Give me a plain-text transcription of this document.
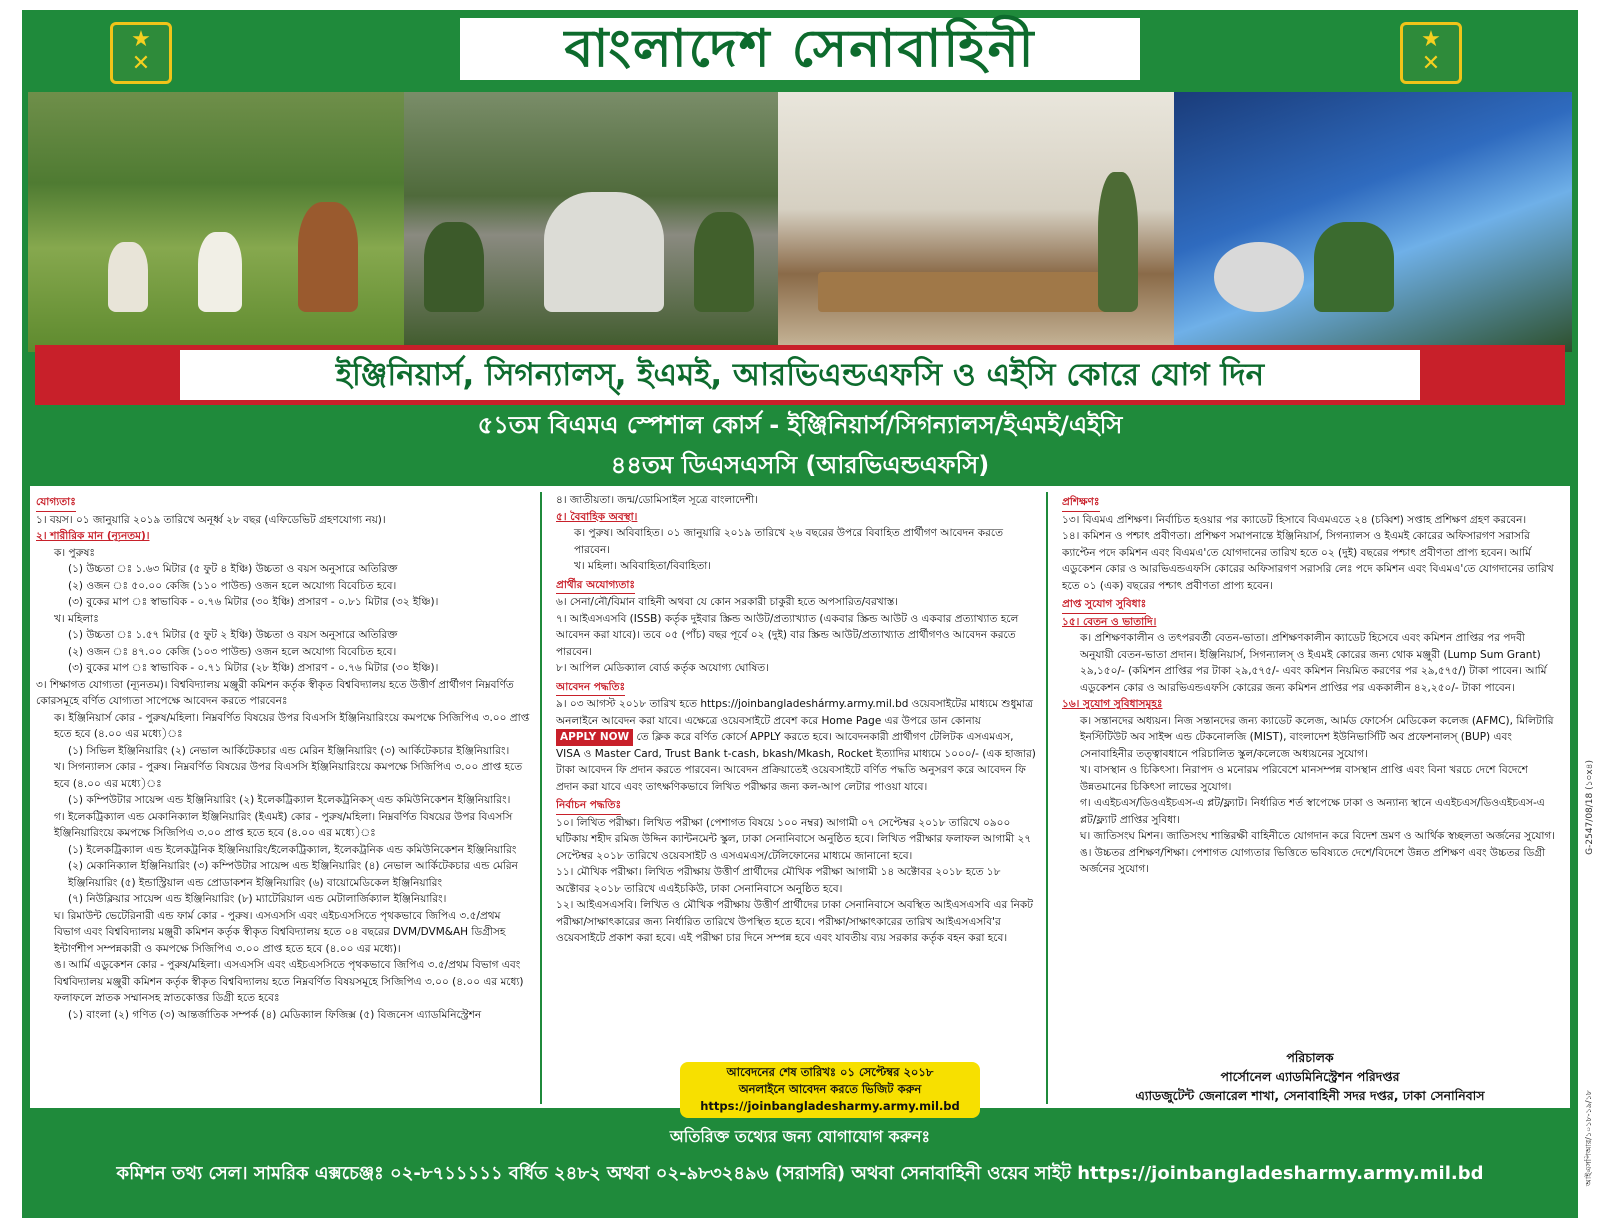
★
✕
★
✕
বাংলাদেশ সেনাবাহিনী
ইঞ্জিনিয়ার্স, সিগন্যালস্, ইএমই, আরভিএন্ডএফসি ও এইসি কোরে যোগ দিন
৫১তম বিএমএ স্পেশাল কোর্স - ইঞ্জিনিয়ার্স/সিগন্যালস/ইএমই/এইসি
৪৪তম ডিএসএসসি (আরভিএন্ডএফসি)
যোগ্যতাঃ
১। বয়স। ০১ জানুয়ারি ২০১৯ তারিখে অনূর্ধ্ব ২৮ বছর (এফিডেভিট গ্রহণযোগ্য নয়)।
২। শারীরিক মান (ন্যূনতম)।
ক। পুরুষঃ
(১) উচ্চতা ঃ ১.৬৩ মিটার (৫ ফুট ৪ ইঞ্চি) উচ্চতা ও বয়স অনুসারে অতিরিক্ত
(২) ওজন ঃ ৫০.০০ কেজি (১১০ পাউন্ড) ওজন হলে অযোগ্য বিবেচিত হবে।
(৩) বুকের মাপ ঃ স্বাভাবিক - ০.৭৬ মিটার (৩০ ইঞ্চি) প্রসারণ - ০.৮১ মিটার (৩২ ইঞ্চি)।
খ। মহিলাঃ
(১) উচ্চতা ঃ ১.৫৭ মিটার (৫ ফুট ২ ইঞ্চি) উচ্চতা ও বয়স অনুসারে অতিরিক্ত
(২) ওজন ঃ ৪৭.০০ কেজি (১০৩ পাউন্ড) ওজন হলে অযোগ্য বিবেচিত হবে।
(৩) বুকের মাপ ঃ স্বাভাবিক - ০.৭১ মিটার (২৮ ইঞ্চি) প্রসারণ - ০.৭৬ মিটার (৩০ ইঞ্চি)।
৩। শিক্ষাগত যোগ্যতা (ন্যূনতম)। বিশ্ববিদ্যালয় মঞ্জুরী কমিশন কর্তৃক স্বীকৃত বিশ্ববিদ্যালয় হতে উত্তীর্ণ প্রার্থীগণ নিম্নবর্ণিত কোরসমূহে বর্ণিত যোগ্যতা সাপেক্ষে আবেদন করতে পারবেনঃ
ক। ইঞ্জিনিয়ার্স কোর - পুরুষ/মহিলা। নিম্নবর্ণিত বিষয়ের উপর বিএসসি ইঞ্জিনিয়ারিংয়ে কমপক্ষে সিজিপিএ ৩.০০ প্রাপ্ত হতে হবে (৪.০০ এর মধ্যে)ঃ
(১) সিভিল ইঞ্জিনিয়ারিং (২) নেভাল আর্কিটেকচার এন্ড মেরিন ইঞ্জিনিয়ারিং (৩) আর্কিটেকচার ইঞ্জিনিয়ারিং।
খ। সিগন্যালস কোর - পুরুষ। নিম্নবর্ণিত বিষয়ের উপর বিএসসি ইঞ্জিনিয়ারিংয়ে কমপক্ষে সিজিপিএ ৩.০০ প্রাপ্ত হতে হবে (৪.০০ এর মধ্যে)ঃ
(১) কম্পিউটার সায়েন্স এন্ড ইঞ্জিনিয়ারিং (২) ইলেকট্রিক্যাল ইলেকট্রনিকস্‌ এন্ড কমিউনিকেশন ইঞ্জিনিয়ারিং।
গ। ইলেকট্রিক্যাল এন্ড মেকানিক্যাল ইঞ্জিনিয়ারিং (ইএমই) কোর - পুরুষ/মহিলা। নিম্নবর্ণিত বিষয়ের উপর বিএসসি ইঞ্জিনিয়ারিংয়ে কমপক্ষে সিজিপিএ ৩.০০ প্রাপ্ত হতে হবে (৪.০০ এর মধ্যে)ঃ
(১) ইলেকট্রিক্যাল এন্ড ইলেকট্রনিক ইঞ্জিনিয়ারিং/ইলেকট্রিক্যাল, ইলেকট্রনিক এন্ড কমিউনিকেশন ইঞ্জিনিয়ারিং
(২) মেকানিক্যাল ইঞ্জিনিয়ারিং (৩) কম্পিউটার সায়েন্স এন্ড ইঞ্জিনিয়ারিং (৪) নেভাল আর্কিটেকচার এন্ড মেরিন ইঞ্জিনিয়ারিং (৫) ইন্ডাস্ট্রিয়াল এন্ড প্রোডাকশন ইঞ্জিনিয়ারিং (৬) বায়োমেডিকেল ইঞ্জিনিয়ারিং
(৭) নিউক্লিয়ার সায়েন্স এন্ড ইঞ্জিনিয়ারিং (৮) ম্যাটেরিয়াল এন্ড মেটালার্জিক্যাল ইঞ্জিনিয়ারিং।
ঘ। রিমাউন্ট ভেটেরিনারী এন্ড ফার্ম কোর - পুরুষ। এসএসসি এবং এইচএসসিতে পৃথকভাবে জিপিএ ৩.৫/প্রথম বিভাগ এবং বিশ্ববিদ্যালয় মঞ্জুরী কমিশন কর্তৃক স্বীকৃত বিশ্ববিদ্যালয় হতে ০৪ বছরের DVM/DVM&AH ডিগ্রীসহ ইন্টার্ণশীপ সম্পন্নকারী ও কমপক্ষে সিজিপিএ ৩.০০ প্রাপ্ত হতে হবে (৪.০০ এর মধ্যে)।
ঙ। আর্মি এডুকেশন কোর - পুরুষ/মহিলা। এসএসসি এবং এইচএসসিতে পৃথকভাবে জিপিএ ৩.৫/প্রথম বিভাগ এবং বিশ্ববিদ্যালয় মঞ্জুরী কমিশন কর্তৃক স্বীকৃত বিশ্ববিদ্যালয় হতে নিম্নবর্ণিত বিষয়সমূহে সিজিপিএ ৩.০০ (৪.০০ এর মধ্যে) ফলাফলে স্নাতক সম্মানসহ স্নাতকোত্তর ডিগ্রী হতে হবেঃ
(১) বাংলা (২) গণিত (৩) আন্তর্জাতিক সম্পর্ক (৪) মেডিক্যাল ফিজিক্স (৫) বিজনেস এ্যাডমিনিস্ট্রেশন
৪। জাতীয়তা। জন্ম/ডোমিসাইল সূত্রে বাংলাদেশী।
৫। বৈবাহিক অবস্থা।
ক। পুরুষ। অবিবাহিত। ০১ জানুয়ারি ২০১৯ তারিখে ২৬ বছরের উপরে বিবাহিত প্রার্থীগণ আবেদন করতে পারবেন।
খ। মহিলা। অবিবাহিতা/বিবাহিতা।
প্রার্থীর অযোগ্যতাঃ
৬। সেনা/নৌ/বিমান বাহিনী অথবা যে কোন সরকারী চাকুরী হতে অপসারিত/বরখাস্ত।
৭। আইএসএসবি (ISSB) কর্তৃক দুইবার স্ক্রিন্ড আউট/প্রত্যাখ্যাত (একবার স্ক্রিন্ড আউট ও একবার প্রত্যাখ্যাত হলে আবেদন করা যাবে)। তবে ০৫ (পাঁচ) বছর পূর্বে ০২ (দুই) বার স্ক্রিন্ড আউট/প্রত্যাখ্যাত প্রার্থীগণও আবেদন করতে পারবেন।
৮। আপিল মেডিক্যাল বোর্ড কর্তৃক অযোগ্য ঘোষিত।
আবেদন পদ্ধতিঃ
৯। ০৩ আগস্ট ২০১৮ তারিখ হতে https://joinbangladeshármy.army.mil.bd ওয়েবসাইটের মাধ্যমে শুধুমাত্র অনলাইনে আবেদন করা যাবে। এক্ষেত্রে ওয়েবসাইটে প্রবেশ করে Home Page এর উপরে ডান কোনায় APPLY NOW তে ক্লিক করে বর্ণিত কোর্সে APPLY করতে হবে। আবেদনকারী প্রার্থীগণ টেলিটক এসএমএস, VISA ও Master Card, Trust Bank t-cash, bkash/Mkash, Rocket ইত্যাদির মাধ্যমে ১০০০/- (এক হাজার) টাকা আবেদন ফি প্রদান করতে পারবেন। আবেদন প্রক্রিয়াতেই ওয়েবসাইটে বর্ণিত পদ্ধতি অনুসরণ করে আবেদন ফি প্রদান করা যাবে এবং তাৎক্ষণিকভাবে লিখিত পরীক্ষার জন্য কল-আপ লেটার পাওয়া যাবে।
নির্বাচন পদ্ধতিঃ
১০। লিখিত পরীক্ষা। লিখিত পরীক্ষা (পেশাগত বিষয়ে ১০০ নম্বর) আগামী ০৭ সেপ্টেম্বর ২০১৮ তারিখে ০৯০০ ঘটিকায় শহীদ রমিজ উদ্দিন ক্যান্টনমেন্ট স্কুল, ঢাকা সেনানিবাসে অনুষ্ঠিত হবে। লিখিত পরীক্ষার ফলাফল আগামী ২৭ সেপ্টেম্বর ২০১৮ তারিখে ওয়েবসাইট ও এসএমএস/টেলিফোনের মাধ্যমে জানানো হবে।
১১। মৌখিক পরীক্ষা। লিখিত পরীক্ষায় উত্তীর্ণ প্রার্থীদের মৌখিক পরীক্ষা আগামী ১৪ অক্টোবর ২০১৮ হতে ১৮ অক্টোবর ২০১৮ তারিখে এএইচকিউ, ঢাকা সেনানিবাসে অনুষ্ঠিত হবে।
১২। আইএসএসবি। লিখিত ও মৌখিক পরীক্ষায় উত্তীর্ণ প্রার্থীদের ঢাকা সেনানিবাসে অবস্থিত আইএসএসবি এর নিকট পরীক্ষা/সাক্ষাৎকারের জন্য নির্ধারিত তারিখে উপস্থিত হতে হবে। পরীক্ষা/সাক্ষাৎকারের তারিখ আইএসএসবি'র ওয়েবসাইটে প্রকাশ করা হবে। এই পরীক্ষা চার দিনে সম্পন্ন হবে এবং যাবতীয় ব্যয় সরকার কর্তৃক বহন করা হবে।
আবেদনের শেষ তারিখঃ ০১ সেপ্টেম্বর ২০১৮
অনলাইনে আবেদন করতে ভিজিট করুন
https://joinbangladesharmy.army.mil.bd
প্রশিক্ষণঃ
১৩। বিএমএ প্রশিক্ষণ। নির্বাচিত হওয়ার পর ক্যাডেট হিসাবে বিএমএতে ২৪ (চব্বিশ) সপ্তাহ প্রশিক্ষণ গ্রহণ করবেন।
১৪। কমিশন ও পশ্চাৎ প্রবীণতা। প্রশিক্ষণ সমাপনান্তে ইঞ্জিনিয়ার্স, সিগন্যালস ও ইএমই কোরের অফিসারগণ সরাসরি ক্যাপ্টেন পদে কমিশন এবং বিএমএ'তে যোগদানের তারিখ হতে ০২ (দুই) বছরের পশ্চাৎ প্রবীণতা প্রাপ্য হবেন। আর্মি এডুকেশন কোর ও আরভিএন্ডএফসি কোরের অফিসারগণ সরাসরি লেঃ পদে কমিশন এবং বিএমএ'তে যোগদানের তারিখ হতে ০১ (এক) বছরের পশ্চাৎ প্রবীণতা প্রাপ্য হবেন।
প্রাপ্ত সুযোগ সুবিধাঃ
১৫। বেতন ও ভাতাদি।
ক। প্রশিক্ষণকালীন ও তৎপরবর্তী বেতন-ভাতা। প্রশিক্ষণকালীন ক্যাডেট হিসেবে এবং কমিশন প্রাপ্তির পর পদবী অনুযায়ী বেতন-ভাতা প্রদান। ইঞ্জিনিয়ার্স, সিগন্যালস্‌ ও ইএমই কোরের জন্য থোক মঞ্জুরী (Lump Sum Grant) ২৯,১৫০/- (কমিশন প্রাপ্তির পর টাকা ২৯,৫৭৫/- এবং কমিশন নিয়মিত করণের পর ২৯,৫৭৫/) টাকা পাবেন। আর্মি এডুকেশন কোর ও আরভিএন্ডএফসি কোরের জন্য কমিশন প্রাপ্তির পর এককালীন ৪২,২৫০/- টাকা পাবেন।
১৬। সুযোগ সুবিধাসমূহঃ
ক। সন্তানদের অধ্যয়ন। নিজ সন্তানদের জন্য ক্যাডেট কলেজ, আর্মড ফোর্সেস মেডিকেল কলেজ (AFMC), মিলিটারি ইনস্টিটিউট অব সাইন্স এন্ড টেকনোলজি (MIST), বাংলাদেশ ইউনিভার্সিটি অব প্রফেশনালস্‌ (BUP) এবং সেনাবাহিনীর তত্ত্বাবধানে পরিচালিত স্কুল/কলেজে অধ্যয়নের সুযোগ।
খ। বাসস্থান ও চিকিৎসা। নিরাপদ ও মনোরম পরিবেশে মানসম্পন্ন বাসস্থান প্রাপ্তি এবং বিনা খরচে দেশে বিদেশে উন্নতমানের চিকিৎসা লাভের সুযোগ।
গ। এএইচএস/ডিওএইচএস-এ প্লট/ফ্ল্যাট। নির্ধারিত শর্ত স্বাপেক্ষে ঢাকা ও অন্যান্য স্থানে এএইচএস/ডিওএইচএস-এ প্লট/ফ্ল্যাট প্রাপ্তির সুবিধা।
ঘ। জাতিসংঘ মিশন। জাতিসংঘ শান্তিরক্ষী বাহিনীতে যোগদান করে বিদেশ ভ্রমণ ও আর্থিক স্বচ্ছলতা অর্জনের সুযোগ।
ঙ। উচ্চতর প্রশিক্ষণ/শিক্ষা। পেশাগত যোগ্যতার ভিত্তিতে ভবিষ্যতে দেশে/বিদেশে উন্নত প্রশিক্ষণ এবং উচ্চতর ডিগ্রী অর্জনের সুযোগ।
পরিচালক
পার্সোনেল এ্যাডমিনিস্ট্রেশন পরিদপ্তর
এ্যাডজুটেন্ট জেনারেল শাখা, সেনাবাহিনী সদর দপ্তর, ঢাকা সেনানিবাস
অতিরিক্ত তথ্যের জন্য যোগাযোগ করুনঃ
কমিশন তথ্য সেল। সামরিক এক্সচেঞ্জঃ ০২-৮৭১১১১১ বর্ধিত ২৪৮২ অথবা ০২-৯৮৩২৪৯৬ (সরাসরি) অথবা সেনাবাহিনী ওয়েব সাইট https://joinbangladesharmy.army.mil.bd
G-2547/08/18 (১০x৪)
আইএসপিআর/১০১৮-১৯/১৮
